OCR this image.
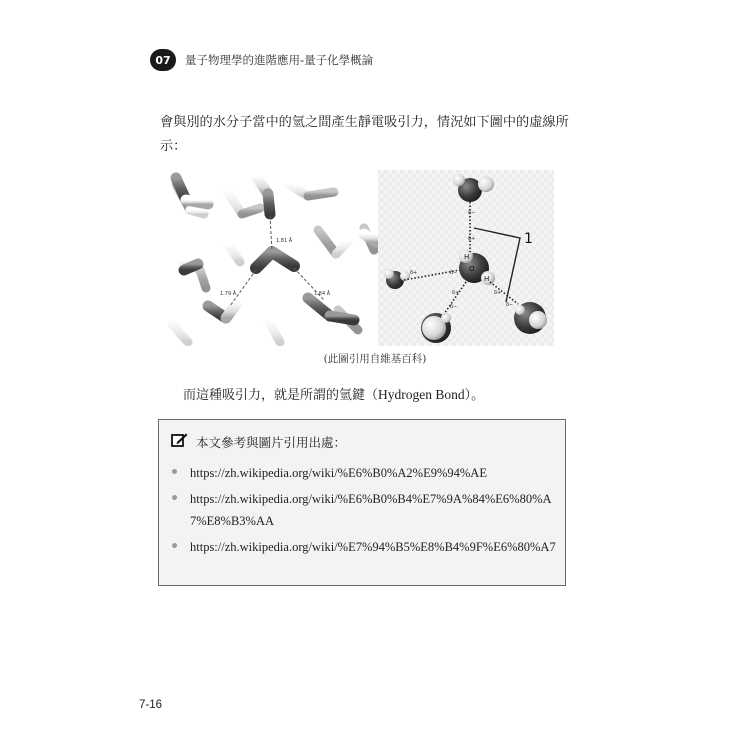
07	量子物理學的進階應用-量子化學概論
會與別的水分子當中的氫之間產生靜電吸引力，情況如下圖中的虛線所示：
1.81 Å
1.79 Å	1.84 Å
δ−
δ+
δ+	δ−
δ+
δ−
δ+
δ−
H
O
H
1
(此圖引用自維基百科)
而這種吸引力，就是所謂的氫鍵（Hydrogen Bond）。
本文參考與圖片引用出處：
https://zh.wikipedia.org/wiki/%E6%B0%A2%E9%94%AE
https://zh.wikipedia.org/wiki/%E6%B0%B4%E7%9A%84%E6%80%A7%E8%B3%AA
https://zh.wikipedia.org/wiki/%E7%94%B5%E8%B4%9F%E6%80%A7
7-16
